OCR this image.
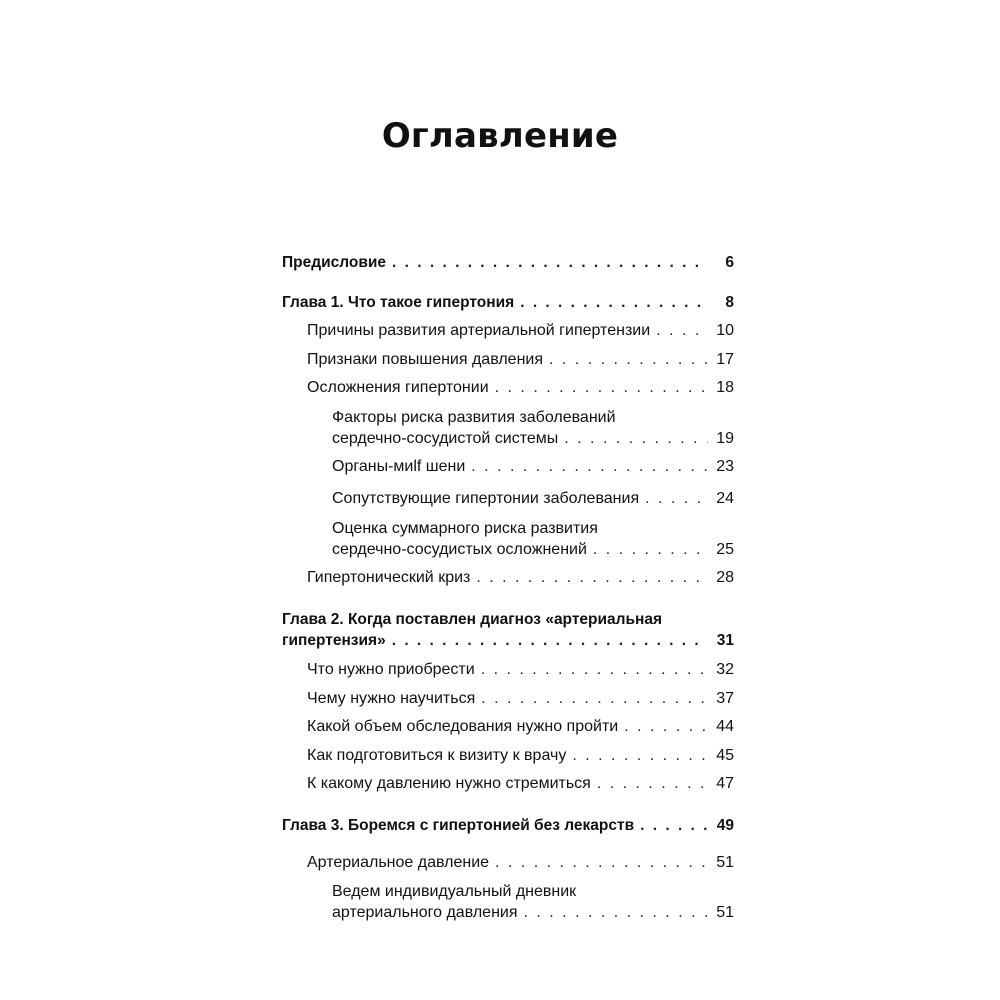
Оглавление
Предисловие . . .	6
Глава 1. Что такое гипертония . . .	8
Причины развития артериальной гипертензии . . .	10
Признаки повышения давления . . .	17
Осложнения гипертонии . . .	18
Факторы риска развития заболеваний
сердечно-сосудистой системы . . .	19
Органы-миlf шени . . .	23
Сопутствующие гипертонии заболевания . . .	24
Оценка суммарного риска развития
сердечно-сосудистых осложнений . . .	25
Гипертонический криз . . .	28
Глава 2. Когда поставлен диагноз «артериальная
гипертензия» . . .	31
Что нужно приобрести . . .	32
Чему нужно научиться . . .	37
Какой объем обследования нужно пройти . . .	44
Как подготовиться к визиту к врачу . . .	45
К какому давлению нужно стремиться . . .	47
Глава 3. Боремся с гипертонией без лекарств . . .	49
Артериальное давление . . .	51
Ведем индивидуальный дневник
артериального давления . . .	51
